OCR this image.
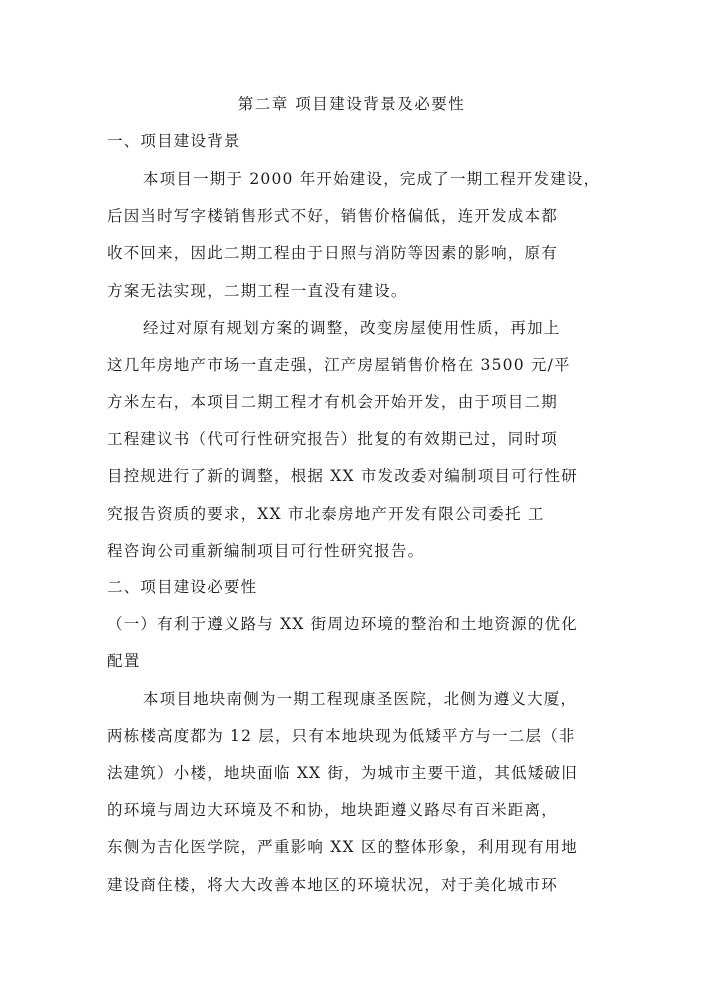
第二章 项目建设背景及必要性
一、项目建设背景
本项目一期于 2000 年开始建设，完成了一期工程开发建设，
后因当时写字楼销售形式不好，销售价格偏低，连开发成本都
收不回来，因此二期工程由于日照与消防等因素的影响，原有
方案无法实现，二期工程一直没有建设。
经过对原有规划方案的调整，改变房屋使用性质，再加上
这几年房地产市场一直走强，江产房屋销售价格在 3500 元/平
方米左右，本项目二期工程才有机会开始开发，由于项目二期
工程建议书（代可行性研究报告）批复的有效期已过，同时项
目控规进行了新的调整，根据 XX 市发改委对编制项目可行性研
究报告资质的要求，XX 市北泰房地产开发有限公司委托 工
程咨询公司重新编制项目可行性研究报告。
二、项目建设必要性
（一）有利于遵义路与 XX 街周边环境的整治和土地资源的优化
配置
本项目地块南侧为一期工程现康圣医院，北侧为遵义大厦，
两栋楼高度都为 12 层，只有本地块现为低矮平方与一二层（非
法建筑）小楼，地块面临 XX 街，为城市主要干道，其低矮破旧
的环境与周边大环境及不和协，地块距遵义路尽有百米距离，
东侧为吉化医学院，严重影响 XX 区的整体形象，利用现有用地
建设商住楼，将大大改善本地区的环境状况，对于美化城市环
